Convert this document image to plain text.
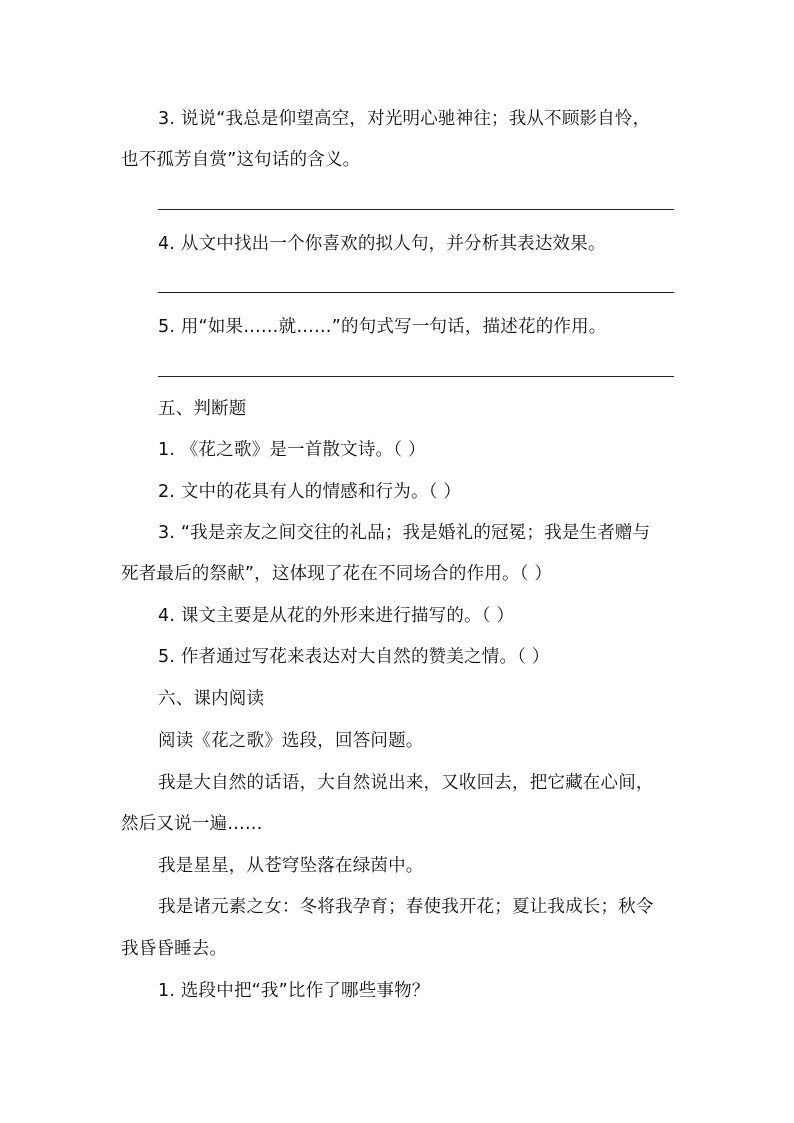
3. 说说“我总是仰望高空，对光明心驰神往；我从不顾影自怜，
也不孤芳自赏”这句话的含义。
4. 从文中找出一个你喜欢的拟人句，并分析其表达效果。
5. 用“如果……就……”的句式写一句话，描述花的作用。
五、判断题
1. 《花之歌》是一首散文诗。（ ）
2. 文中的花具有人的情感和行为。（ ）
3. “我是亲友之间交往的礼品；我是婚礼的冠冕；我是生者赠与
死者最后的祭献”，这体现了花在不同场合的作用。（ ）
4. 课文主要是从花的外形来进行描写的。（ ）
5. 作者通过写花来表达对大自然的赞美之情。（ ）
六、课内阅读
阅读《花之歌》选段，回答问题。
我是大自然的话语，大自然说出来，又收回去，把它藏在心间，
然后又说一遍……
我是星星，从苍穹坠落在绿茵中。
我是诸元素之女：冬将我孕育；春使我开花；夏让我成长；秋令
我昏昏睡去。
1. 选段中把“我”比作了哪些事物？
